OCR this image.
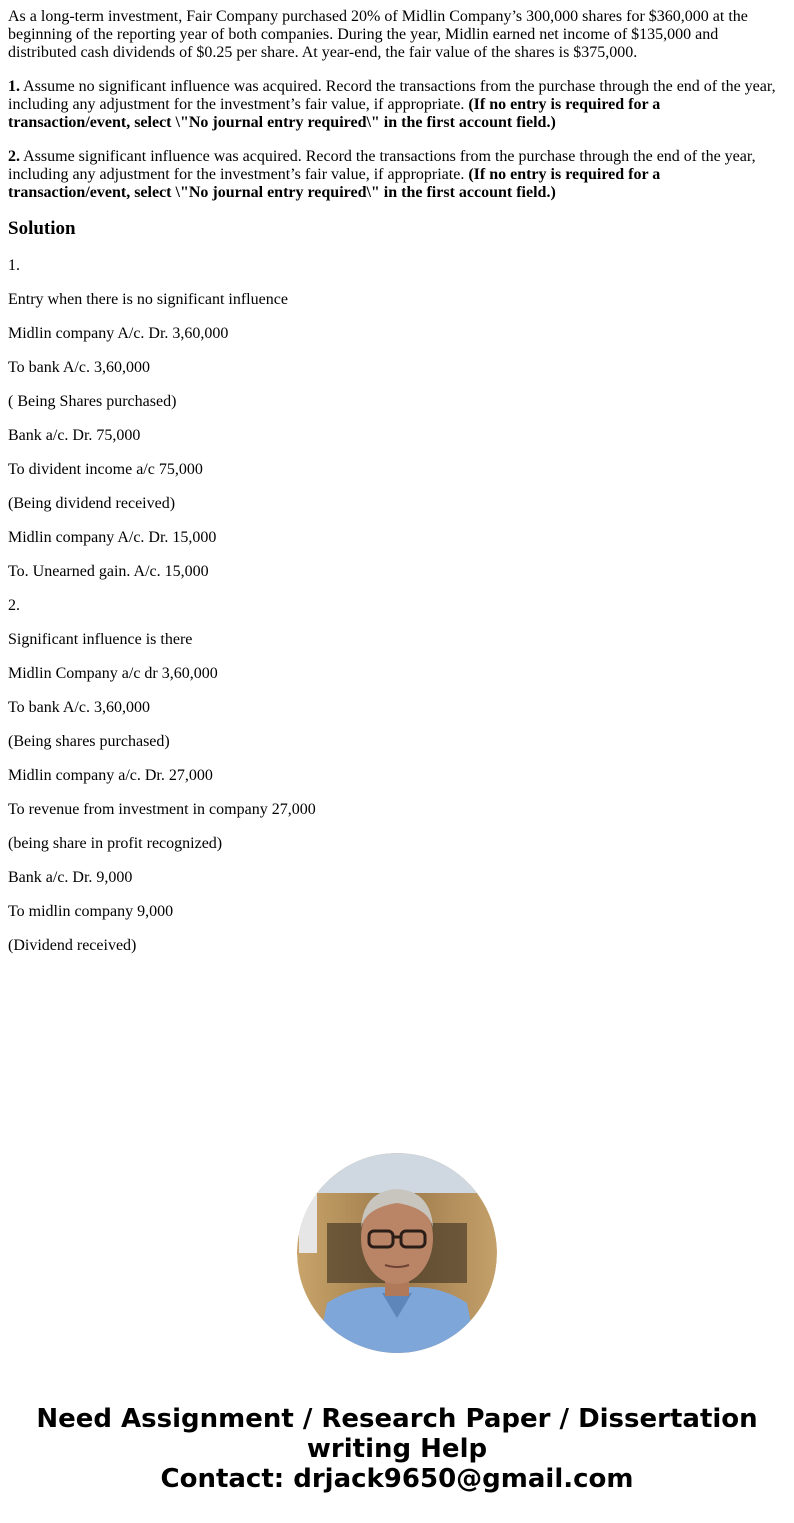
As a long-term investment, Fair Company purchased 20% of Midlin Company’s 300,000 shares for $360,000 at the beginning of the reporting year of both companies. During the year, Midlin earned net income of $135,000 and distributed cash dividends of $0.25 per share. At year-end, the fair value of the shares is $375,000.

1. Assume no significant influence was acquired. Record the transactions from the purchase through the end of the year, including any adjustment for the investment’s fair value, if appropriate. (If no entry is required for a transaction/event, select \"No journal entry required\" in the first account field.)

2. Assume significant influence was acquired. Record the transactions from the purchase through the end of the year, including any adjustment for the investment’s fair value, if appropriate. (If no entry is required for a transaction/event, select \"No journal entry required\" in the first account field.)

Solution

1.

Entry when there is no significant influence

Midlin company A/c. Dr. 3,60,000

To bank A/c. 3,60,000

( Being Shares purchased)

Bank a/c. Dr. 75,000

To divident income a/c 75,000

(Being dividend received)

Midlin company A/c. Dr. 15,000

To. Unearned gain. A/c. 15,000

2.

Significant influence is there

Midlin Company a/c dr 3,60,000

To bank A/c. 3,60,000

(Being shares purchased)

Midlin company a/c. Dr. 27,000

To revenue from investment in company 27,000

(being share in profit recognized)

Bank a/c. Dr. 9,000

To midlin company 9,000

(Dividend received)

Need Assignment / Research Paper / Dissertation
writing Help
Contact: drjack9650@gmail.com
